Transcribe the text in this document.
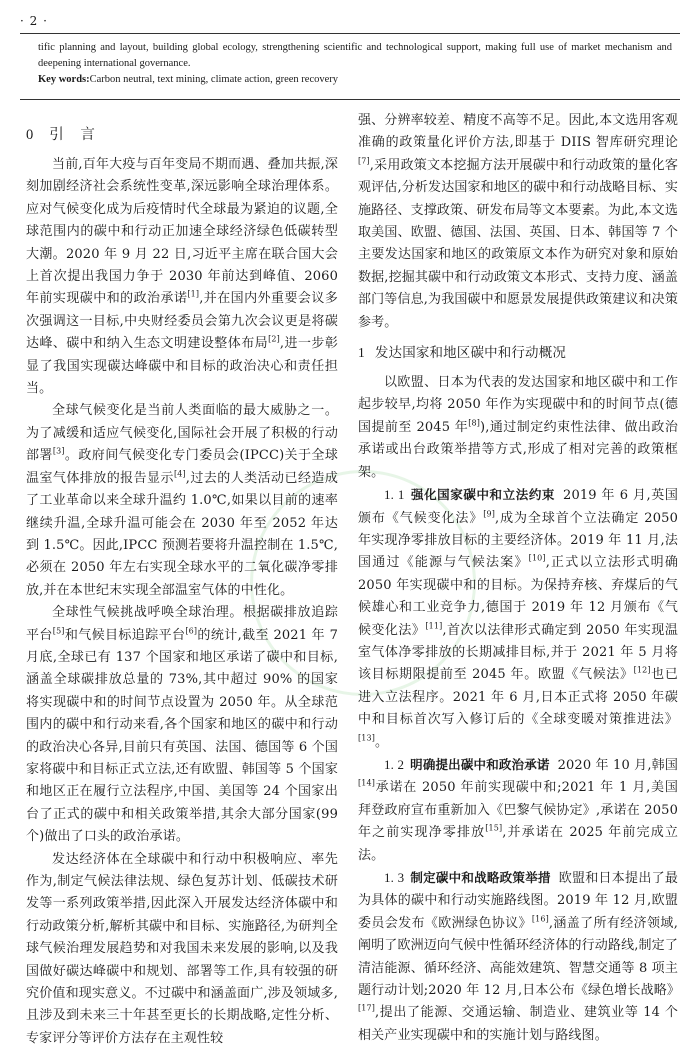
· 2 ·
tific planning and layout, building global ecology, strengthening scientific and technological support, making full use of market mechanism and deepening international governance.
Key words:Carbon neutral, text mining, climate action, green recovery
0 引 言

当前,百年大疫与百年变局不期而遇、叠加共振,深刻加剧经济社会系统性变革,深远影响全球治理体系。应对气候变化成为后疫情时代全球最为紧迫的议题,全球范围内的碳中和行动正加速全球经济绿色低碳转型大潮。2020 年 9 月 22 日,习近平主席在联合国大会上首次提出我国力争于 2030 年前达到峰值、2060 年前实现碳中和的政治承诺[1],并在国内外重要会议多次强调这一目标,中央财经委员会第九次会议更是将碳达峰、碳中和纳入生态文明建设整体布局[2],进一步彰显了我国实现碳达峰碳中和目标的政治决心和责任担当。

全球气候变化是当前人类面临的最大威胁之一。为了减缓和适应气候变化,国际社会开展了积极的行动部署[3]。政府间气候变化专门委员会(IPCC)关于全球温室气体排放的报告显示[4],过去的人类活动已经造成了工业革命以来全球升温约 1.0℃,如果以目前的速率继续升温,全球升温可能会在 2030 年至 2052 年达到 1.5℃。因此,IPCC 预测若要将升温控制在 1.5℃,必须在 2050 年左右实现全球水平的二氧化碳净零排放,并在本世纪末实现全部温室气体的中性化。

全球性气候挑战呼唤全球治理。根据碳排放追踪平台[5]和气候目标追踪平台[6]的统计,截至 2021 年 7 月底,全球已有 137 个国家和地区承诺了碳中和目标,涵盖全球碳排放总量的 73%,其中超过 90% 的国家将实现碳中和的时间节点设置为 2050 年。从全球范围内的碳中和行动来看,各个国家和地区的碳中和行动的政治决心各异,目前只有英国、法国、德国等 6 个国家将碳中和目标正式立法,还有欧盟、韩国等 5 个国家和地区正在履行立法程序,中国、美国等 24 个国家出台了正式的碳中和相关政策举措,其余大部分国家(99 个)做出了口头的政治承诺。

发达经济体在全球碳中和行动中积极响应、率先作为,制定气候法律法规、绿色复苏计划、低碳技术研发等一系列政策举措,因此深入开展发达经济体碳中和行动政策分析,解析其碳中和目标、实施路径,为研判全球气候治理发展趋势和对我国未来发展的影响,以及我国做好碳达峰碳中和规划、部署等工作,具有较强的研究价值和现实意义。不过碳中和涵盖面广,涉及领域多,且涉及到未来三十年甚至更长的长期战略,定性分析、专家评分等评价方法存在主观性较

强、分辨率较差、精度不高等不足。因此,本文选用客观准确的政策量化评价方法,即基于 DIIS 智库研究理论[7],采用政策文本挖掘方法开展碳中和行动政策的量化客观评估,分析发达国家和地区的碳中和行动战略目标、实施路径、支撑政策、研发布局等文本要素。为此,本文选取美国、欧盟、德国、法国、英国、日本、韩国等 7 个主要发达国家和地区的政策原文本作为研究对象和原始数据,挖掘其碳中和行动政策文本形式、支持力度、涵盖部门等信息,为我国碳中和愿景发展提供政策建议和决策参考。

1 发达国家和地区碳中和行动概况

以欧盟、日本为代表的发达国家和地区碳中和工作起步较早,均将 2050 年作为实现碳中和的时间节点(德国提前至 2045 年[8]),通过制定约束性法律、做出政治承诺或出台政策举措等方式,形成了相对完善的政策框架。

1. 1 强化国家碳中和立法约束 2019 年 6 月,英国颁布《气候变化法》[9],成为全球首个立法确定 2050 年实现净零排放目标的主要经济体。2019 年 11 月,法国通过《能源与气候法案》[10],正式以立法形式明确 2050 年实现碳中和的目标。为保持弃核、弃煤后的气候雄心和工业竞争力,德国于 2019 年 12 月颁布《气候变化法》[11],首次以法律形式确定到 2050 年实现温室气体净零排放的长期减排目标,并于 2021 年 5 月将该目标期限提前至 2045 年。欧盟《气候法》[12]也已进入立法程序。2021 年 6 月,日本正式将 2050 年碳中和目标首次写入修订后的《全球变暖对策推进法》[13]。

1. 2 明确提出碳中和政治承诺 2020 年 10 月,韩国[14]承诺在 2050 年前实现碳中和;2021 年 1 月,美国拜登政府宣布重新加入《巴黎气候协定》,承诺在 2050 年之前实现净零排放[15],并承诺在 2025 年前完成立法。

1. 3 制定碳中和战略政策举措 欧盟和日本提出了最为具体的碳中和行动实施路线图。2019 年 12 月,欧盟委员会发布《欧洲绿色协议》[16],涵盖了所有经济领域,阐明了欧洲迈向气候中性循环经济体的行动路线,制定了清洁能源、循环经济、高能效建筑、智慧交通等 8 项主题行动计划;2020 年 12 月,日本公布《绿色增长战略》[17],提出了能源、交通运输、制造业、建筑业等 14 个相关产业实现碳中和的实施计划与路线图。
